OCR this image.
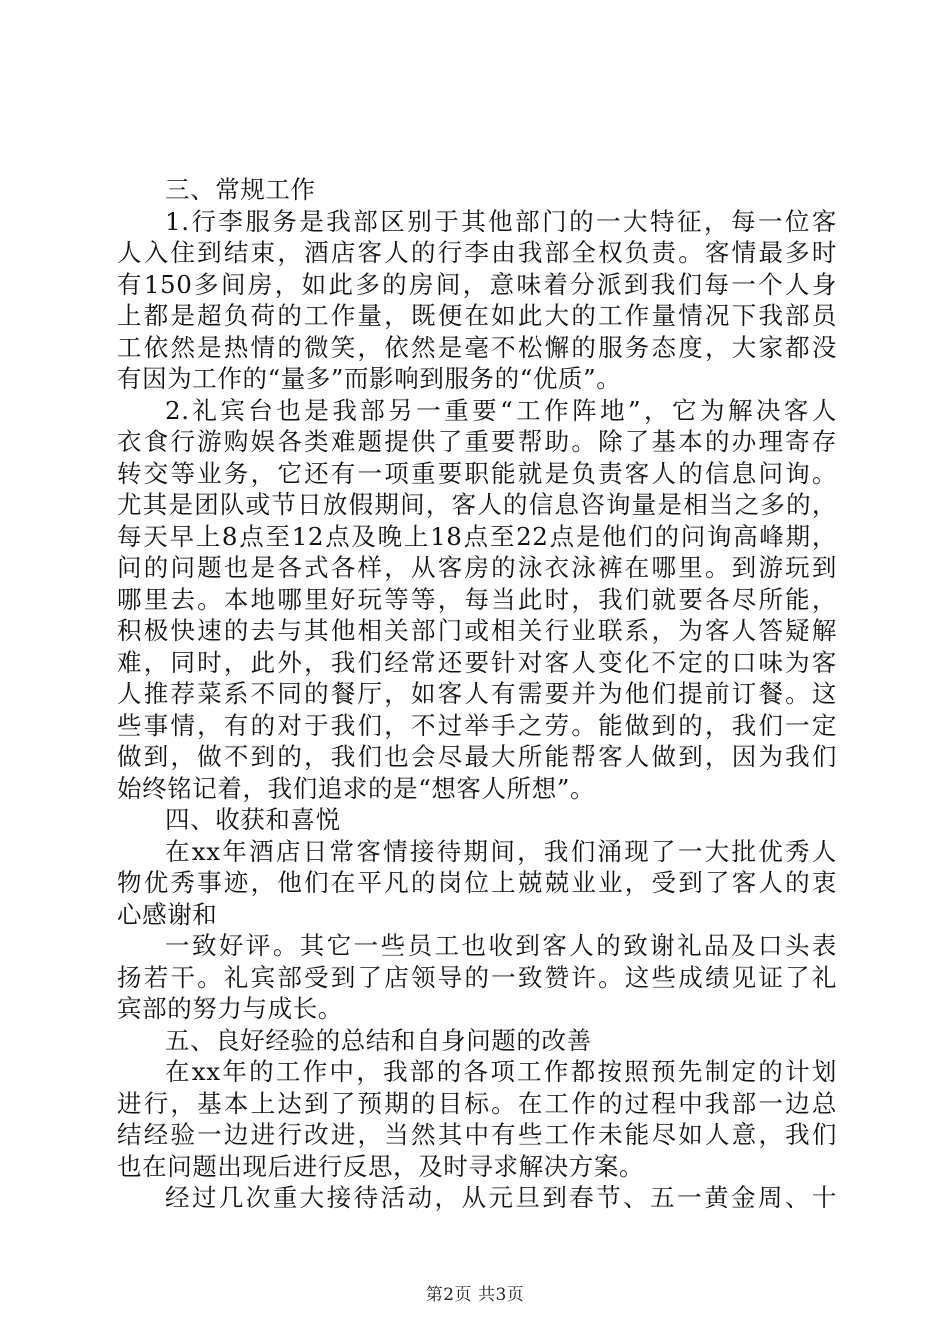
三、常规工作
1.行李服务是我部区别于其他部门的一大特征，每一位客
人入住到结束，酒店客人的行李由我部全权负责。客情最多时
有150多间房，如此多的房间，意味着分派到我们每一个人身
上都是超负荷的工作量，既便在如此大的工作量情况下我部员
工依然是热情的微笑，依然是毫不松懈的服务态度，大家都没
有因为工作的“量多”而影响到服务的“优质”。
2.礼宾台也是我部另一重要“工作阵地”，它为解决客人
衣食行游购娱各类难题提供了重要帮助。除了基本的办理寄存
转交等业务，它还有一项重要职能就是负责客人的信息问询。
尤其是团队或节日放假期间，客人的信息咨询量是相当之多的，
每天早上8点至12点及晚上18点至22点是他们的问询高峰期，
问的问题也是各式各样，从客房的泳衣泳裤在哪里。到游玩到
哪里去。本地哪里好玩等等，每当此时，我们就要各尽所能，
积极快速的去与其他相关部门或相关行业联系，为客人答疑解
难，同时，此外，我们经常还要针对客人变化不定的口味为客
人推荐菜系不同的餐厅，如客人有需要并为他们提前订餐。这
些事情，有的对于我们，不过举手之劳。能做到的，我们一定
做到，做不到的，我们也会尽最大所能帮客人做到，因为我们
始终铭记着，我们追求的是“想客人所想”。
四、收获和喜悦
在xx年酒店日常客情接待期间，我们涌现了一大批优秀人
物优秀事迹，他们在平凡的岗位上兢兢业业，受到了客人的衷
心感谢和
一致好评。其它一些员工也收到客人的致谢礼品及口头表
扬若干。礼宾部受到了店领导的一致赞许。这些成绩见证了礼
宾部的努力与成长。
五、良好经验的总结和自身问题的改善
在xx年的工作中，我部的各项工作都按照预先制定的计划
进行，基本上达到了预期的目标。在工作的过程中我部一边总
结经验一边进行改进，当然其中有些工作未能尽如人意，我们
也在问题出现后进行反思，及时寻求解决方案。
经过几次重大接待活动，从元旦到春节、五一黄金周、十
第2页 共3页
